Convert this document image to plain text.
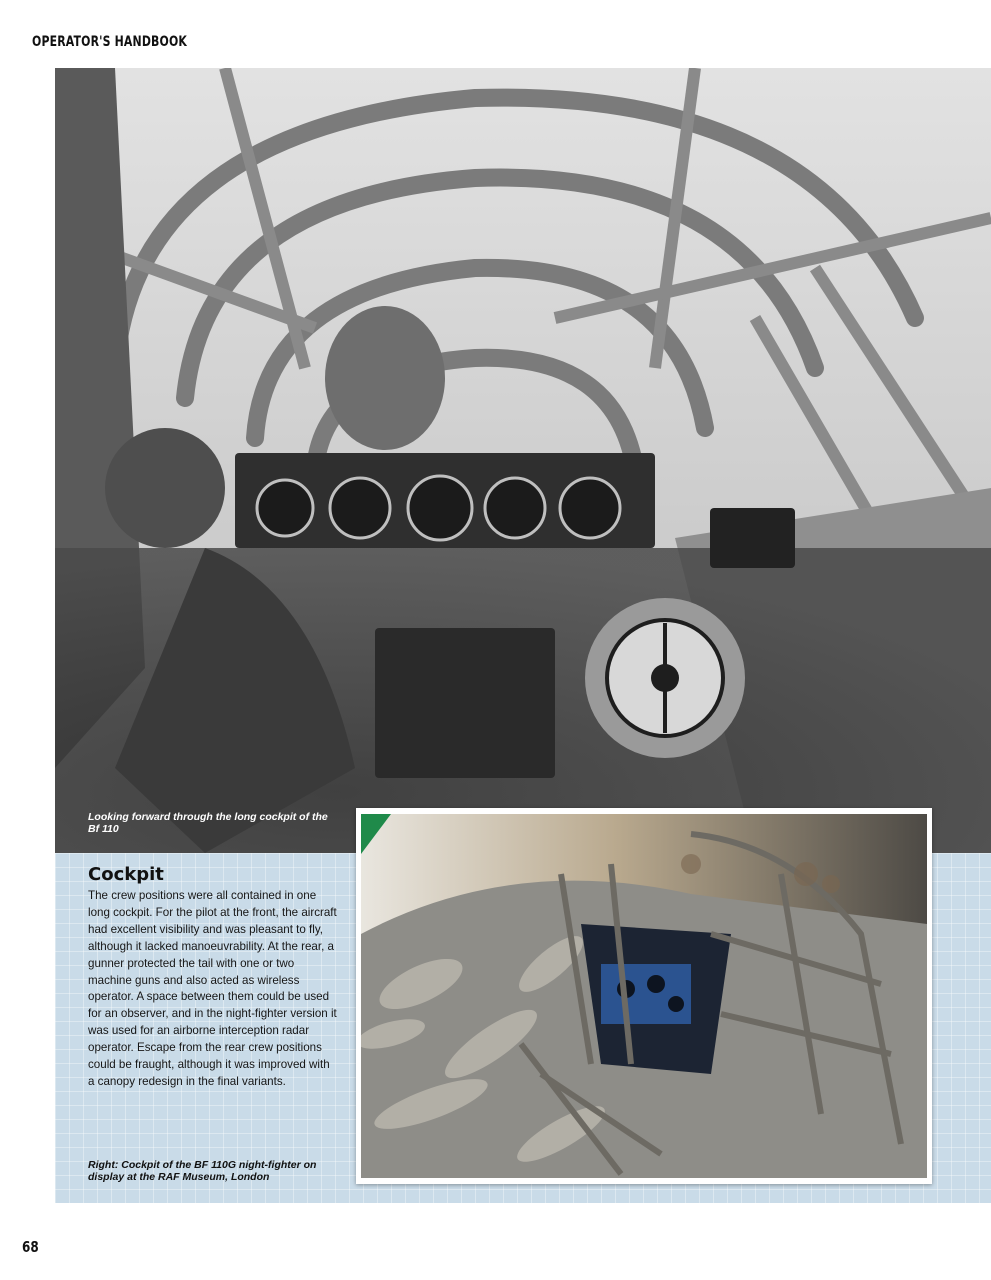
OPERATOR'S HANDBOOK
Looking forward through the long cockpit of the Bf 110
Cockpit
The crew positions were all contained in one long cockpit. For the pilot at the front, the aircraft had excellent visibility and was pleasant to fly, although it lacked manoeuvrability. At the rear, a gunner protected the tail with one or two machine guns and also acted as wireless operator. A space between them could be used for an observer, and in the night-fighter version it was used for an airborne interception radar operator. Escape from the rear crew positions could be fraught, although it was improved with a canopy redesign in the final variants.
Right: Cockpit of the BF 110G night-fighter on display at the RAF Museum, London
68
